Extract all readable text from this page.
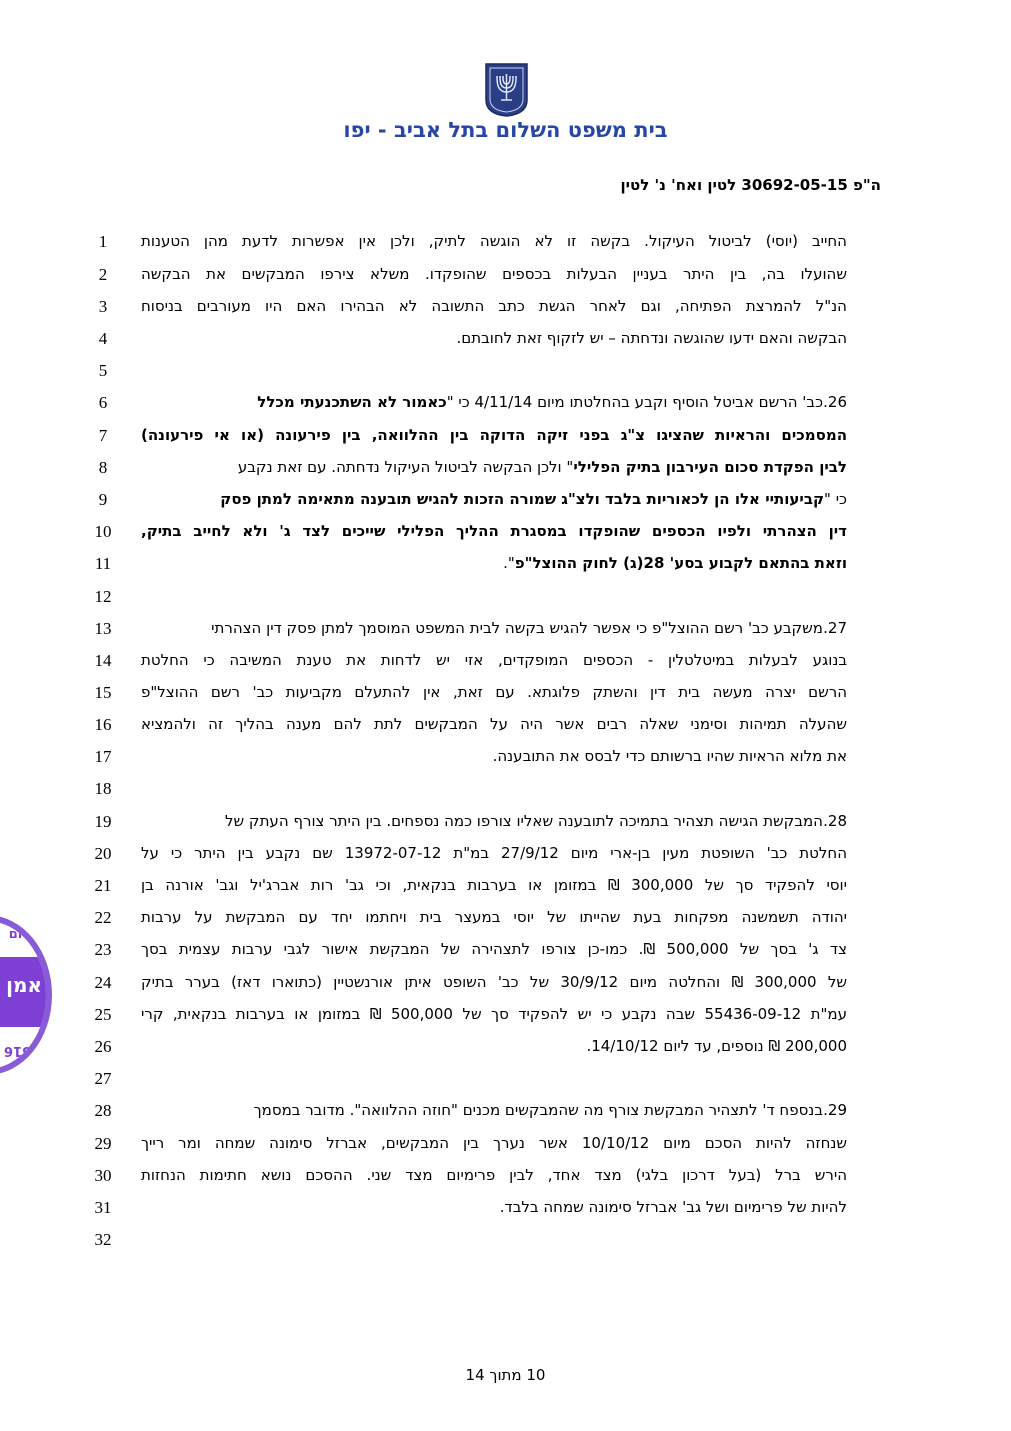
בית משפט השלום בתל אביב - יפו
ה"פ 30692-05-15 לטין ואח' נ' לטין
1
2
3
4
5
6
7
8
9
10
11
12
13
14
15
16
17
18
19
20
21
22
23
24
25
26
27
28
29
30
31
32
החייב (יוסי) לביטול העיקול. בקשה זו לא הוגשה לתיק, ולכן אין אפשרות לדעת מהן הטענות
שהועלו בה, בין היתר בעניין הבעלות בכספים שהופקדו. משלא צירפו המבקשים את הבקשה
הנ"ל להמרצת הפתיחה, וגם לאחר הגשת כתב התשובה לא הבהירו האם היו מעורבים בניסוח
הבקשה והאם ידעו שהוגשה ונדחתה – יש לזקוף זאת לחובתם.
26.
כב' הרשם אביטל הוסיף וקבע בהחלטתו מיום 4/11/14 כי "כאמור לא השתכנעתי מכלל
המסמכים והראיות שהציגו צ"ג בפני זיקה הדוקה בין ההלוואה, בין פירעונה (או אי פירעונה)
לבין הפקדת סכום העירבון בתיק הפלילי" ולכן הבקשה לביטול העיקול נדחתה. עם זאת נקבע
כי "קביעותיי אלו הן לכאוריות בלבד ולצ"ג שמורה הזכות להגיש תובענה מתאימה למתן פסק
דין הצהרתי ולפיו הכספים שהופקדו במסגרת ההליך הפלילי שייכים לצד ג' ולא לחייב בתיק,
וזאת בהתאם לקבוע בסע' 28(ג) לחוק ההוצל"פ".
27.
משקבע כב' רשם ההוצל"פ כי אפשר להגיש בקשה לבית המשפט המוסמך למתן פסק דין הצהרתי
בנוגע לבעלות במיטלטלין - הכספים המופקדים, אזי יש לדחות את טענת המשיבה כי החלטת
הרשם יצרה מעשה בית דין והשתק פלוגתא. עם זאת, אין להתעלם מקביעות כב' רשם ההוצל"פ
שהעלה תמיהות וסימני שאלה רבים אשר היה על המבקשים לתת להם מענה בהליך זה ולהמציא
את מלוא הראיות שהיו ברשותם כדי לבסס את התובענה.
28.
המבקשת הגישה תצהיר בתמיכה לתובענה שאליו צורפו כמה נספחים. בין היתר צורף העתק של
החלטת כב' השופטת מעין בן-ארי מיום 27/9/12 במ"ת 13972-07-12 שם נקבע בין היתר כי על
יוסי להפקיד סך של 300,000 ₪ במזומן או בערבות בנקאית, וכי גב' רות אברג'יל וגב' אורנה בן
יהודה תשמשנה מפקחות בעת שהייתו של יוסי במעצר בית ויחתמו יחד עם המבקשת על ערבות
צד ג' בסך של 500,000 ₪. כמו-כן צורפו לתצהירה של המבקשת אישור לגבי ערבות עצמית בסך
של 300,000 ₪ והחלטה מיום 30/9/12 של כב' השופט איתן אורנשטיין (כתוארו דאז) בערר בתיק
עמ"ת 55436-09-12 שבה נקבע כי יש להפקיד סך של 500,000 ₪ במזומן או בערבות בנקאית, קרי
200,000 ₪ נוספים, עד ליום 14/10/12.
29.
בנספח ד' לתצהיר המבקשת צורף מה שהמבקשים מכנים "חוזה ההלוואה". מדובר במסמך
שנחזה להיות הסכם מיום 10/10/12 אשר נערך בין המבקשים, אברזל סימונה שמחה ומר רייך
הירש ברל (בעל דרכון בלגי) מצד אחד, לבין פרימיום מצד שני. ההסכם נושא חתימות הנחזות
להיות של פרימיום ושל גב' אברזל סימונה שמחה בלבד.
שלום
אמן
2516
10 מתוך 14
